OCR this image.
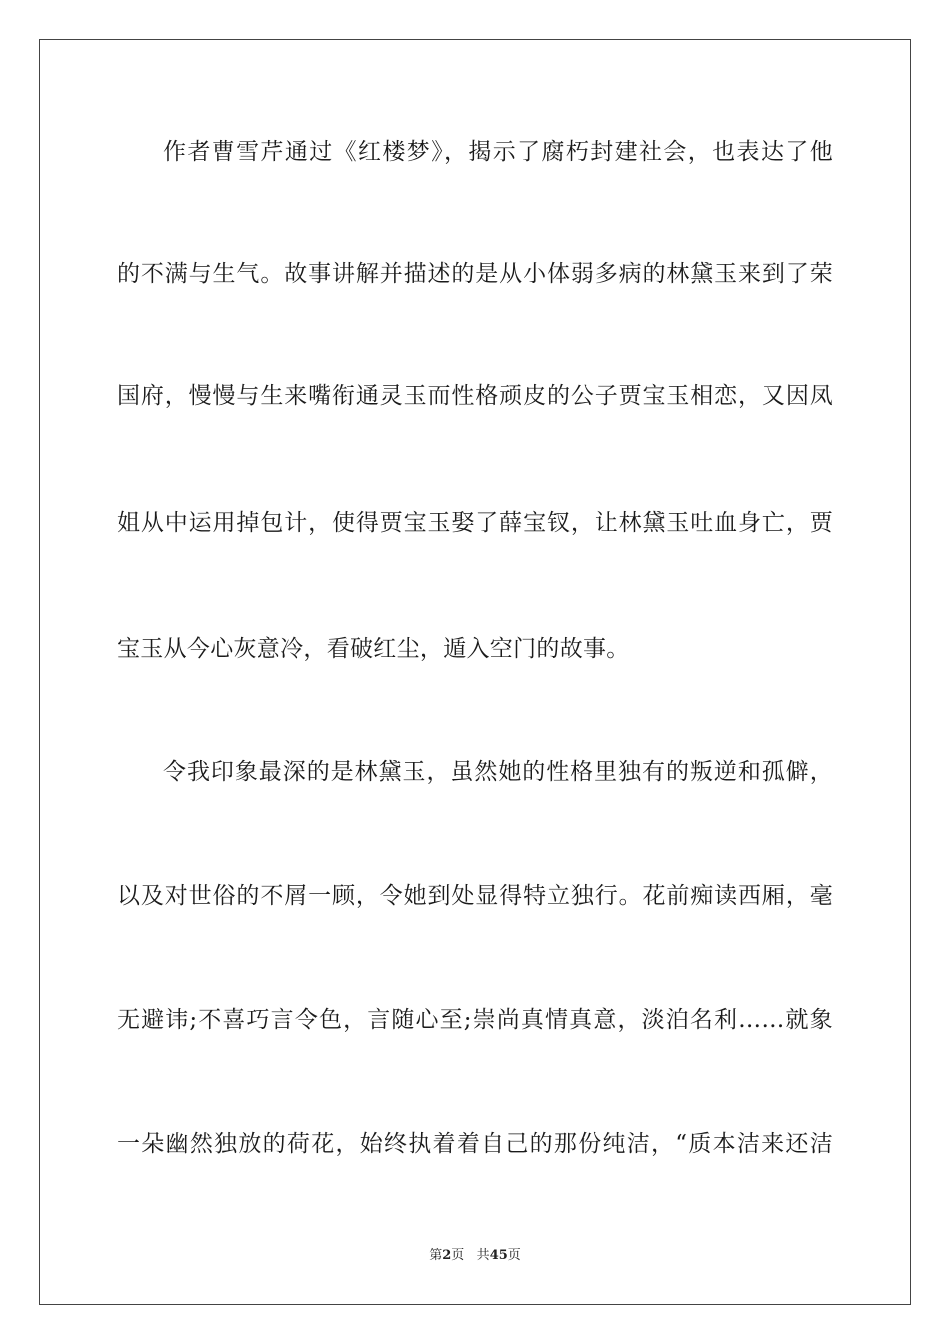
作者曹雪芹通过《红楼梦》，揭示了腐朽封建社会，也表达了他
的不满与生气。故事讲解并描述的是从小体弱多病的林黛玉来到了荣
国府，慢慢与生来嘴衔通灵玉而性格顽皮的公子贾宝玉相恋，又因凤
姐从中运用掉包计，使得贾宝玉娶了薛宝钗，让林黛玉吐血身亡，贾
宝玉从今心灰意冷，看破红尘，遁入空门的故事。
令我印象最深的是林黛玉，虽然她的性格里独有的叛逆和孤僻，
以及对世俗的不屑一顾，令她到处显得特立独行。花前痴读西厢，毫
无避讳;不喜巧言令色，言随心至;崇尚真情真意，淡泊名利……就象
一朵幽然独放的荷花，始终执着着自己的那份纯洁，“质本洁来还洁
第2页 共45页
